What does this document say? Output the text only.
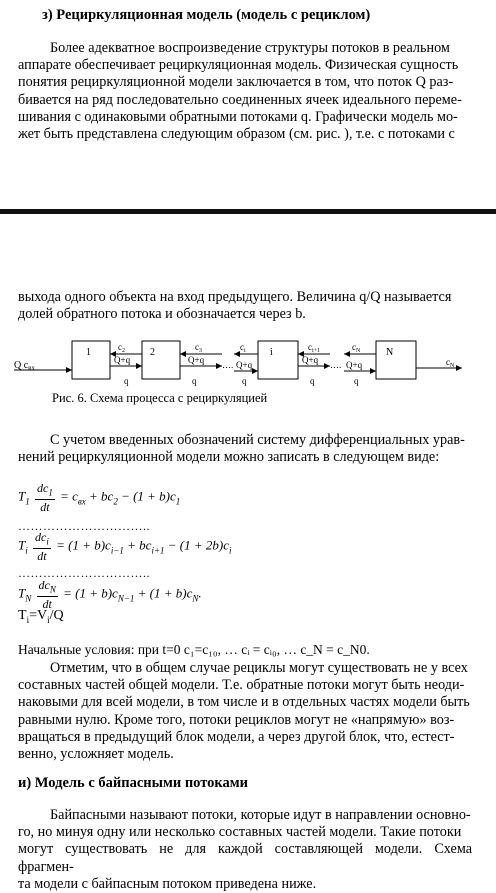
з) Рециркуляционная модель (модель с рециклом)
Более адекватное воспроизведение структуры потоков в реальном
аппарате обеспечивает рециркуляционная модель. Физическая сущность
понятия рециркуляционной модели заключается в том, что поток Q раз-
бивается на ряд последовательно соединенных ячеек идеального переме-
шивания с одинаковыми обратными потоками q. Графически модель мо-
жет быть представлена следующим образом (см. рис. ), т.е. с потоками с
выхода одного объекта на вход предыдущего. Величина q/Q называется
долей обратного потока и обозначается через b.
Q $c_{вх}$
1
Q+q
$c_2$
q
2
Q+q
$c_3$
q
…. Q+q
$c_i$
q
i
Q+q
$c_{i+1}$
q
…. Q+q
$c_N$
q
N
$c_N$
Рис. 6. Схема процесса с рециркуляцией
С учетом введенных обозначений систему дифференциальных урав-
нений рециркуляционной модели можно записать в следующем виде:
$T_1 \frac{dc_1}{dt} = c_{вх} + bc_2 - (1 + b)c_1$
…………………………..
$T_i \frac{dc_i}{dt} = (1 + b)c_{i-1} + bc_{i+1} - (1 + 2b)c_i$
…………………………..
$T_N \frac{dc_N}{dt} = (1 + b)c_{N-1} + (1 + b)c_N$.
$T_i=V_i/Q$
Начальные условия: при t=0 c₁=c₁₀, … cᵢ = cᵢ₀, … c_N = c_N0.
Отметим, что в общем случае рециклы могут существовать не у всех
составных частей общей модели. Т.е. обратные потоки могут быть неоди-
наковыми для всей модели, в том числе и в отдельных частях модели быть
равными нулю. Кроме того, потоки рециклов могут не «напрямую» воз-
вращаться в предыдущий блок модели, а через другой блок, что, естест-
венно, усложняет модель.
и) Модель с байпасными потоками
Байпасными называют потоки, которые идут в направлении основно-
го, но минуя одну или несколько составных частей модели. Такие потоки
могут существовать не для каждой составляющей модели. Схема фрагмен-
та модели с байпасным потоком приведена ниже.
